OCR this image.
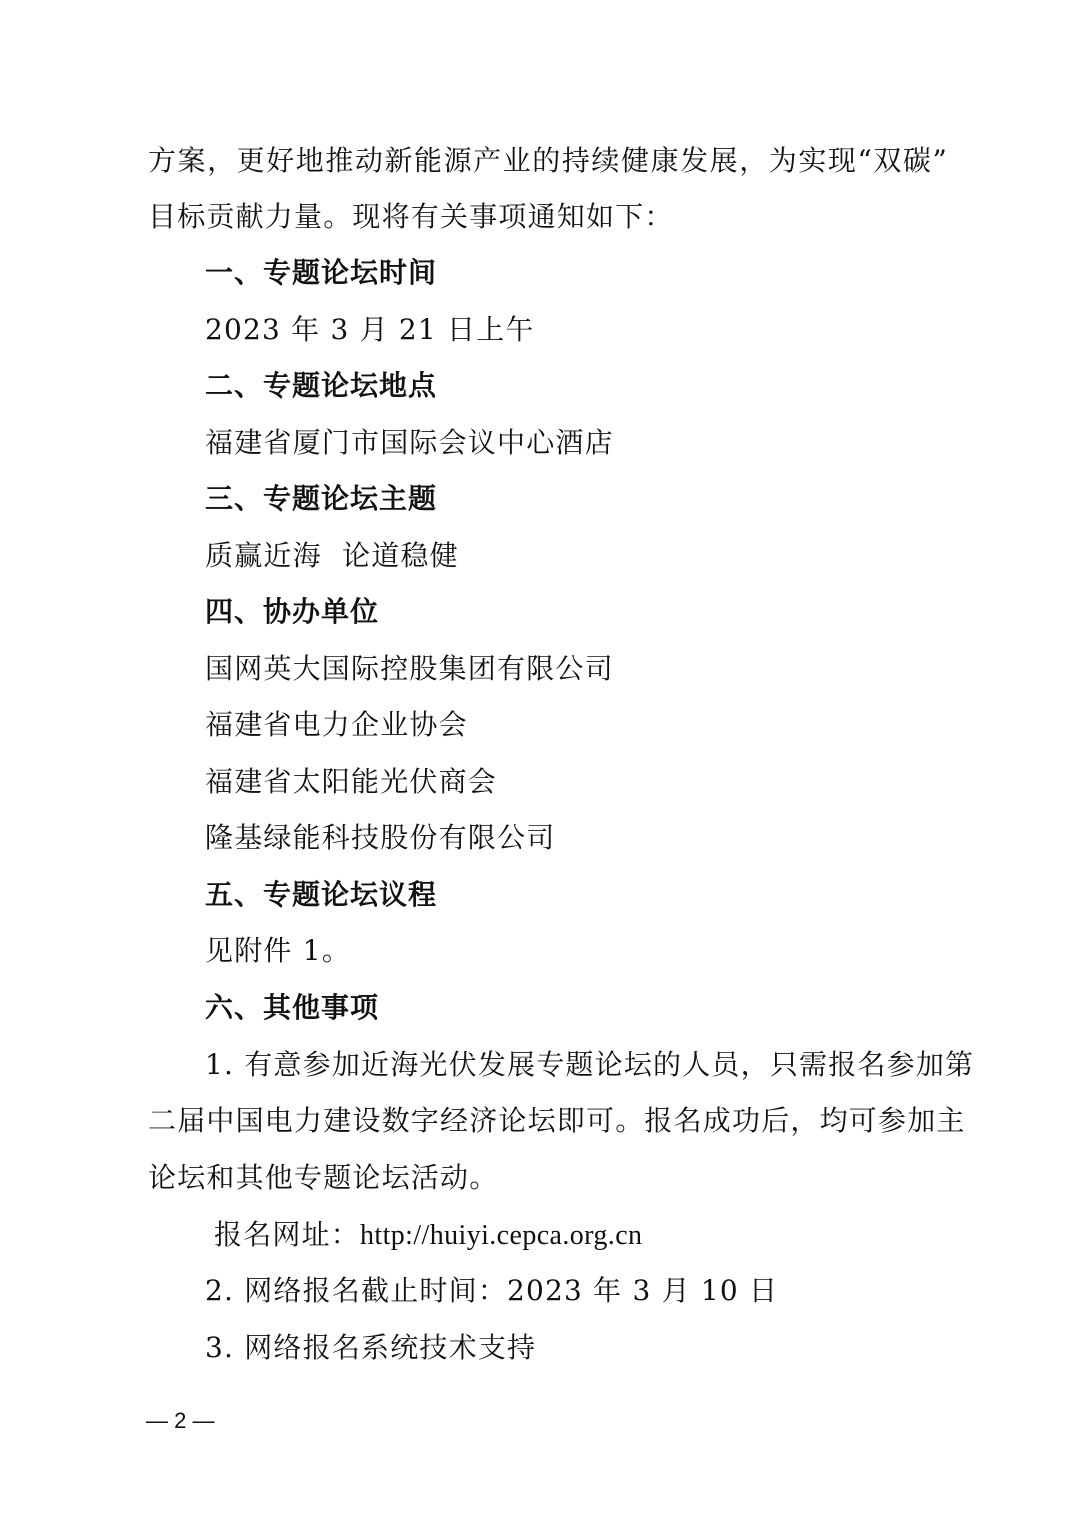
方案，更好地推动新能源产业的持续健康发展，为实现“双碳”
目标贡献力量。现将有关事项通知如下：
一、专题论坛时间
2023 年 3 月 21 日上午
二、专题论坛地点
福建省厦门市国际会议中心酒店
三、专题论坛主题
质赢近海  论道稳健
四、协办单位
国网英大国际控股集团有限公司
福建省电力企业协会
福建省太阳能光伏商会
隆基绿能科技股份有限公司
五、专题论坛议程
见附件 1。
六、其他事项
1. 有意参加近海光伏发展专题论坛的人员，只需报名参加第
二届中国电力建设数字经济论坛即可。报名成功后，均可参加主
论坛和其他专题论坛活动。
报名网址：http://huiyi.cepca.org.cn
2. 网络报名截止时间：2023 年 3 月 10 日
3. 网络报名系统技术支持
— 2 —
